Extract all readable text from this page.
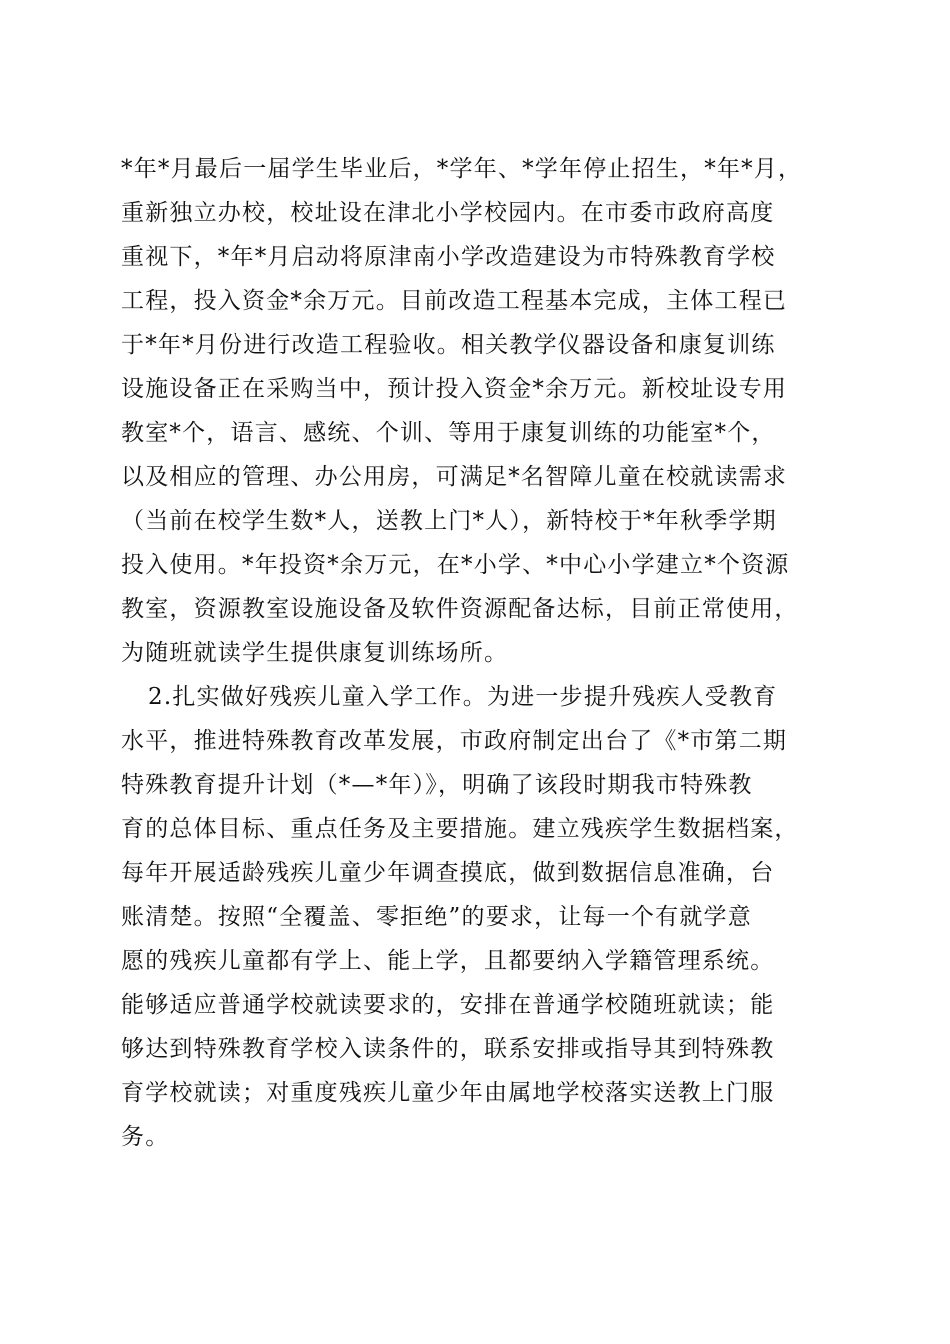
*年*月最后一届学生毕业后，*学年、*学年停止招生，*年*月，
重新独立办校，校址设在津北小学校园内。在市委市政府高度
重视下，*年*月启动将原津南小学改造建设为市特殊教育学校
工程，投入资金*余万元。目前改造工程基本完成，主体工程已
于*年*月份进行改造工程验收。相关教学仪器设备和康复训练
设施设备正在采购当中，预计投入资金*余万元。新校址设专用
教室*个，语言、感统、个训、等用于康复训练的功能室*个，
以及相应的管理、办公用房，可满足*名智障儿童在校就读需求
（当前在校学生数*人，送教上门*人），新特校于*年秋季学期
投入使用。*年投资*余万元，在*小学、*中心小学建立*个资源
教室，资源教室设施设备及软件资源配备达标，目前正常使用，
为随班就读学生提供康复训练场所。
2.扎实做好残疾儿童入学工作。为进一步提升残疾人受教育
水平，推进特殊教育改革发展，市政府制定出台了《*市第二期
特殊教育提升计划（*—*年）》，明确了该段时期我市特殊教
育的总体目标、重点任务及主要措施。建立残疾学生数据档案，
每年开展适龄残疾儿童少年调查摸底，做到数据信息准确，台
账清楚。按照“全覆盖、零拒绝”的要求，让每一个有就学意
愿的残疾儿童都有学上、能上学，且都要纳入学籍管理系统。
能够适应普通学校就读要求的，安排在普通学校随班就读；能
够达到特殊教育学校入读条件的，联系安排或指导其到特殊教
育学校就读；对重度残疾儿童少年由属地学校落实送教上门服
务。
